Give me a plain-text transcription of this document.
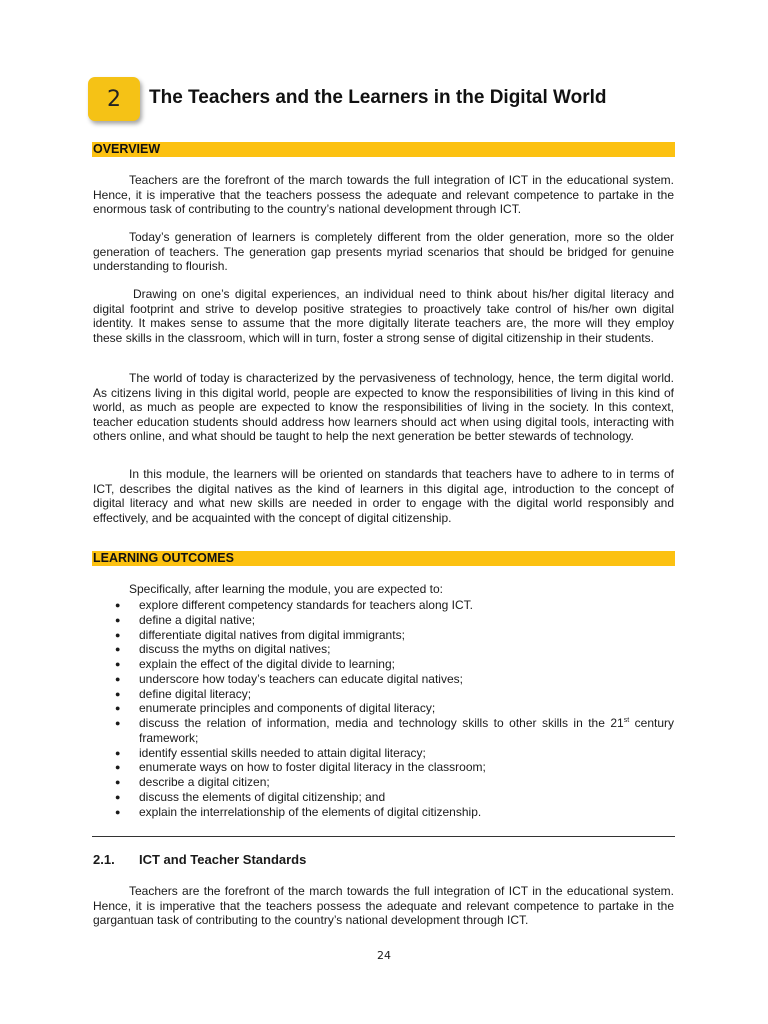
2	The Teachers and the Learners in the Digital World
OVERVIEW

Teachers are the forefront of the march towards the full integration of ICT in the educational system. Hence, it is imperative that the teachers possess the adequate and relevant competence to partake in the enormous task of contributing to the country’s national development through ICT.

Today’s generation of learners is completely different from the older generation, more so the older generation of teachers. The generation gap presents myriad scenarios that should be bridged for genuine understanding to flourish.

Drawing on one’s digital experiences, an individual need to think about his/her digital literacy and digital footprint and strive to develop positive strategies to proactively take control of his/her own digital identity. It makes sense to assume that the more digitally literate teachers are, the more will they employ these skills in the classroom, which will in turn, foster a strong sense of digital citizenship in their students.

The world of today is characterized by the pervasiveness of technology, hence, the term digital world. As citizens living in this digital world, people are expected to know the responsibilities of living in this kind of world, as much as people are expected to know the responsibilities of living in the society. In this context, teacher education students should address how learners should act when using digital tools, interacting with others online, and what should be taught to help the next generation be better stewards of technology.

In this module, the learners will be oriented on standards that teachers have to adhere to in terms of ICT, describes the digital natives as the kind of learners in this digital age, introduction to the concept of digital literacy and what new skills are needed in order to engage with the digital world responsibly and effectively, and be acquainted with the concept of digital citizenship.

LEARNING OUTCOMES

Specifically, after learning the module, you are expected to:

● explore different competency standards for teachers along ICT.
● define a digital native;
● differentiate digital natives from digital immigrants;
● discuss the myths on digital natives;
● explain the effect of the digital divide to learning;
● underscore how today’s teachers can educate digital natives;
● define digital literacy;
● enumerate principles and components of digital literacy;
● discuss the relation of information, media and technology skills to other skills in the 21st century framework;
● identify essential skills needed to attain digital literacy;
● enumerate ways on how to foster digital literacy in the classroom;
● describe a digital citizen;
● discuss the elements of digital citizenship; and
● explain the interrelationship of the elements of digital citizenship.
2.1. ICT and Teacher Standards

Teachers are the forefront of the march towards the full integration of ICT in the educational system. Hence, it is imperative that the teachers possess the adequate and relevant competence to partake in the gargantuan task of contributing to the country’s national development through ICT.

24
